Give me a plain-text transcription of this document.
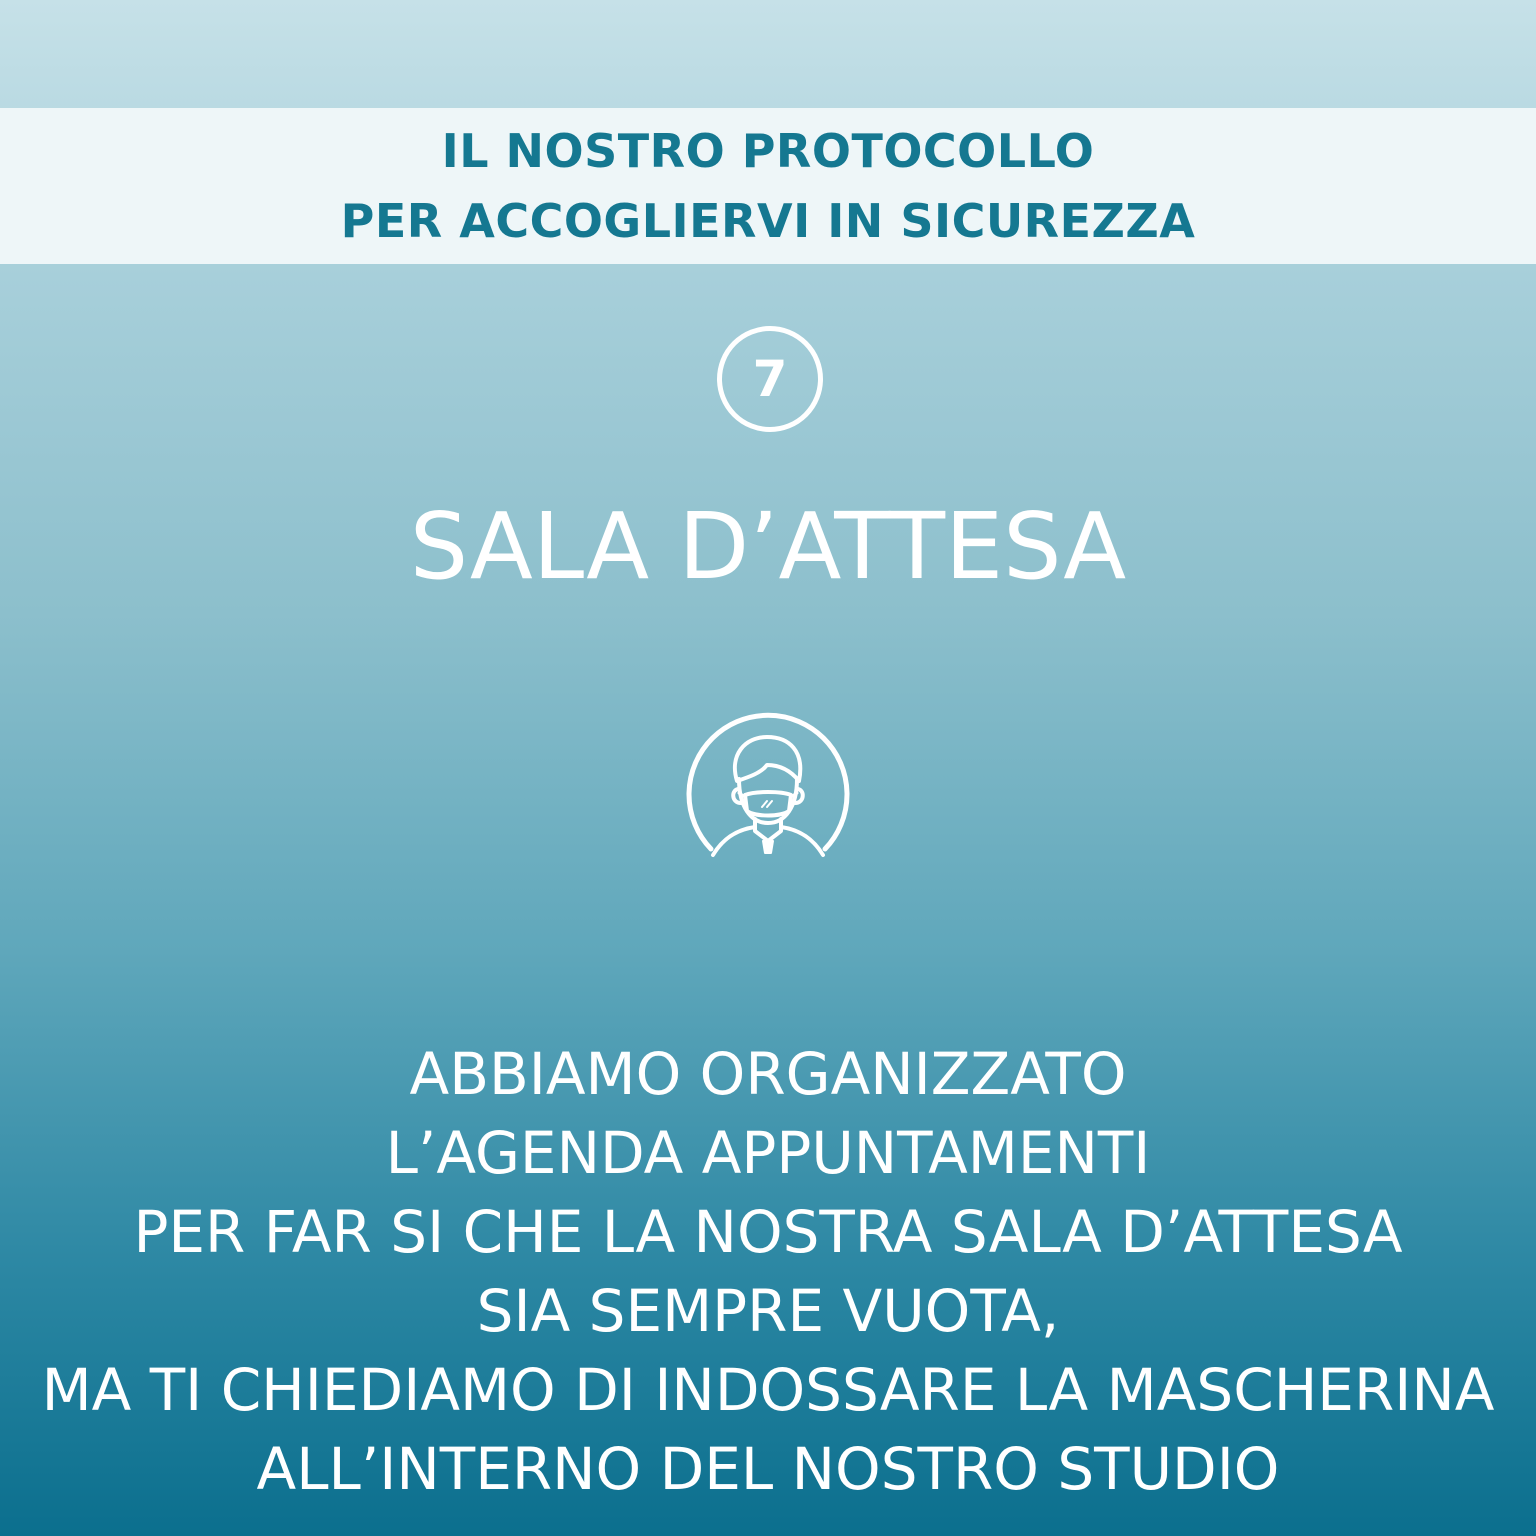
IL NOSTRO PROTOCOLLO
PER ACCOGLIERVI IN SICUREZZA
7
SALA D’ATTESA
ABBIAMO ORGANIZZATO
L’AGENDA APPUNTAMENTI
PER FAR SI CHE LA NOSTRA SALA D’ATTESA
SIA SEMPRE VUOTA,
MA TI CHIEDIAMO DI INDOSSARE LA MASCHERINA
ALL’INTERNO DEL NOSTRO STUDIO
